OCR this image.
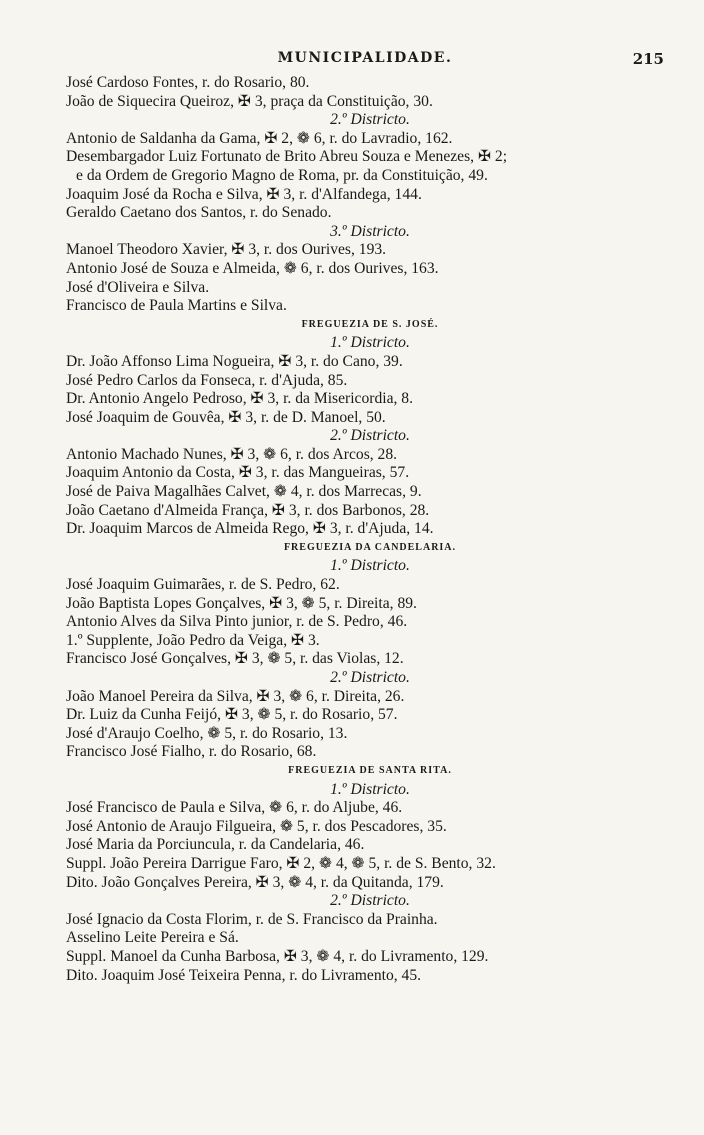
MUNICIPALIDADE.	215
José Cardoso Fontes, r. do Rosario, 80.
João de Siquecira Queiroz, ✠ 3, praça da Constituição, 30.
2.º Districto.
Antonio de Saldanha da Gama, ✠ 2, ❁ 6, r. do Lavradio, 162.
Desembargador Luiz Fortunato de Brito Abreu Souza e Menezes, ✠ 2;
e da Ordem de Gregorio Magno de Roma, pr. da Constituição, 49.
Joaquim José da Rocha e Silva, ✠ 3, r. d'Alfandega, 144.
Geraldo Caetano dos Santos, r. do Senado.
3.º Districto.
Manoel Theodoro Xavier, ✠ 3, r. dos Ourives, 193.
Antonio José de Souza e Almeida, ❁ 6, r. dos Ourives, 163.
José d'Oliveira e Silva.
Francisco de Paula Martins e Silva.
FREGUEZIA DE S. JOSÉ.
1.º Districto.
Dr. João Affonso Lima Nogueira, ✠ 3, r. do Cano, 39.
José Pedro Carlos da Fonseca, r. d'Ajuda, 85.
Dr. Antonio Angelo Pedroso, ✠ 3, r. da Misericordia, 8.
José Joaquim de Gouvêa, ✠ 3, r. de D. Manoel, 50.
2.º Districto.
Antonio Machado Nunes, ✠ 3, ❁ 6, r. dos Arcos, 28.
Joaquim Antonio da Costa, ✠ 3, r. das Mangueiras, 57.
José de Paiva Magalhães Calvet, ❁ 4, r. dos Marrecas, 9.
João Caetano d'Almeida França, ✠ 3, r. dos Barbonos, 28.
Dr. Joaquim Marcos de Almeida Rego, ✠ 3, r. d'Ajuda, 14.
FREGUEZIA DA CANDELARIA.
1.º Districto.
José Joaquim Guimarães, r. de S. Pedro, 62.
João Baptista Lopes Gonçalves, ✠ 3, ❁ 5, r. Direita, 89.
Antonio Alves da Silva Pinto junior, r. de S. Pedro, 46.
1.º Supplente, João Pedro da Veiga, ✠ 3.
Francisco José Gonçalves, ✠ 3, ❁ 5, r. das Violas, 12.
2.º Districto.
João Manoel Pereira da Silva, ✠ 3, ❁ 6, r. Direita, 26.
Dr. Luiz da Cunha Feijó, ✠ 3, ❁ 5, r. do Rosario, 57.
José d'Araujo Coelho, ❁ 5, r. do Rosario, 13.
Francisco José Fialho, r. do Rosario, 68.
FREGUEZIA DE SANTA RITA.
1.º Districto.
José Francisco de Paula e Silva, ❁ 6, r. do Aljube, 46.
José Antonio de Araujo Filgueira, ❁ 5, r. dos Pescadores, 35.
José Maria da Porciuncula, r. da Candelaria, 46.
Suppl. João Pereira Darrigue Faro, ✠ 2, ❁ 4, ❁ 5, r. de S. Bento, 32.
Dito. João Gonçalves Pereira, ✠ 3, ❁ 4, r. da Quitanda, 179.
2.º Districto.
José Ignacio da Costa Florim, r. de S. Francisco da Prainha.
Asselino Leite Pereira e Sá.
Suppl. Manoel da Cunha Barbosa, ✠ 3, ❁ 4, r. do Livramento, 129.
Dito. Joaquim José Teixeira Penna, r. do Livramento, 45.
